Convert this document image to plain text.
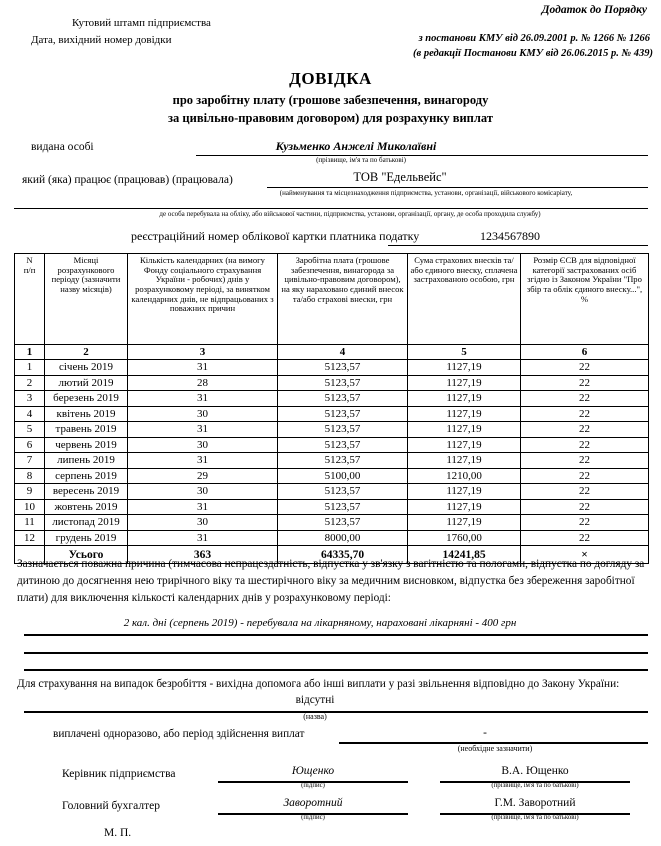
Додаток до Порядку
Кутовий штамп підприємства
Дата, вихідний номер довідки	з постанови КМУ від 26.09.2001 р. № 1266 № 1266
(в редакції Постанови КМУ від 26.06.2015 р. № 439)
ДОВІДКА
про заробітну плату (грошове забезпечення, винагороду
за цивільно-правовим договором) для розрахунку виплат
видана особі	Кузьменко Анжелі Миколаївні
(прізвище, ім'я та по батькові)
який (яка) працює (працював) (працювала)	ТОВ "Едельвейс"
(найменування та місцезнаходження підприємства, установи, організації, військового комісаріату,
де особа перебувала на обліку, або військової частини, підприємства, установи, організації, органу, де особа проходила службу)
реєстраційний номер облікової картки платника податку	1234567890
N
п/п	Місяці розрахункового періоду (зазначити назву місяців)	Кількість календарних (на вимогу Фонду соціального страхування України - робочих) днів у розрахунковому періоді, за винятком календарних днів, не відпрацьованих з поважних причин	Заробітна плата (грошове забезпечення, винагорода за цивільно-правовим договором), на яку нараховано єдиний внесок та/або страхові внески, грн	Сума страхових внесків та/або єдиного внеску, сплачена застрахованою особою, грн	Розмір ЄСВ для відповідної категорії застрахованих осіб згідно із Законом України "Про збір та облік єдиного внеску...", %
1	2	3	4	5	6
1	січень 2019	31	5123,57	1127,19	22
2	лютий 2019	28	5123,57	1127,19	22
3	березень 2019	31	5123,57	1127,19	22
4	квітень 2019	30	5123,57	1127,19	22
5	травень 2019	31	5123,57	1127,19	22
6	червень 2019	30	5123,57	1127,19	22
7	липень 2019	31	5123,57	1127,19	22
8	серпень 2019	29	5100,00	1210,00	22
9	вересень 2019	30	5123,57	1127,19	22
10	жовтень 2019	31	5123,57	1127,19	22
11	листопад 2019	30	5123,57	1127,19	22
12	грудень 2019	31	8000,00	1760,00	22
	Усього	363	64335,70	14241,85	×
Зазначається поважна причина (тимчасова непрацездатність, відпустка у зв'язку з вагітністю та пологами, відпустка по догляду за дитиною до досягнення нею трирічного віку та шестирічного віку за медичним висновком, відпустка без збереження заробітної плати) для виключення кількості календарних днів у розрахунковому періоді:
2 кал. дні (серпень 2019) - перебувала на лікарняному, нараховані лікарняні - 400 грн
Для страхування на випадок безробіття - вихідна допомога або інші виплати у разі звільнення відповідно до Закону України:
відсутні
(назва)
виплачені одноразово, або період здійснення виплат	-
(необхідне зазначити)
Керівник підприємства	Ющенко
(підпис)
В.А. Ющенко
(прізвище, ім'я та по батькові)
Головний бухгалтер	Заворотний
(підпис)
Г.М. Заворотний
(прізвище, ім'я та по батькові)
М. П.
